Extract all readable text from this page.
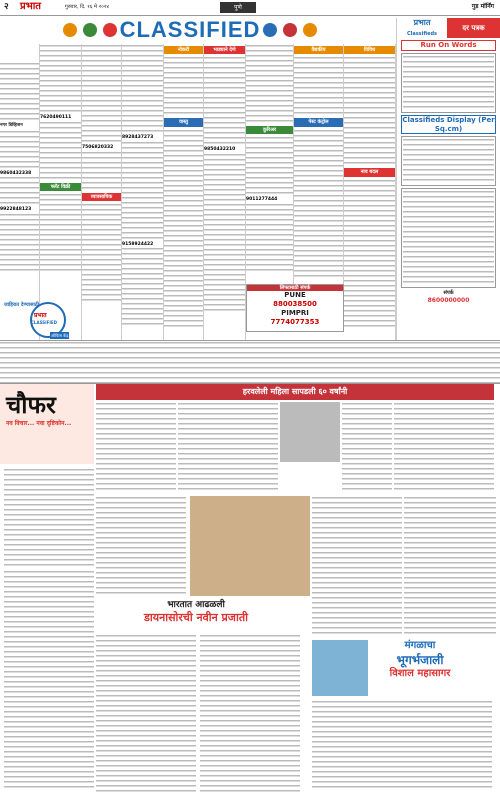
२ प्रभात	गुरुवार, दि. १६ मे २०२४	पुणे	गुड मॉर्निंग
CLASSIFIED
नगर डिव्हिजन
9860432338
9922848123
7620490111
फ्लॅट विक्री
7506820332
व्यावसायिक
8928437273
9158924422
नोकरी
वास्तु
भाड्याने देणे
9850432210
कुरिअर
9011277444
वैद्यकीय
पेस्ट कंट्रोल
विविध
नाव बदल
लिफ्टसाठी संपर्क
PUNE
880038500
PIMPRI
7774077353
प्रभात
CLASSIFIED
जाहिरात देण्यासाठी
ऑफिस केंद्र
प्रभात
Classifieds
दर पत्रक
Run On Words
Classifieds Display (Per Sq.cm)
संपर्क
8600000000
चौफर
नव विचार... नवा दृष्टिकोन...
हरवलेली महिला सापडली ६० वर्षांनी
भारतात आढळली
डायनासोरची नवीन प्रजाती
मंगळाचा
भूगर्भजाली
विशाल महासागर
